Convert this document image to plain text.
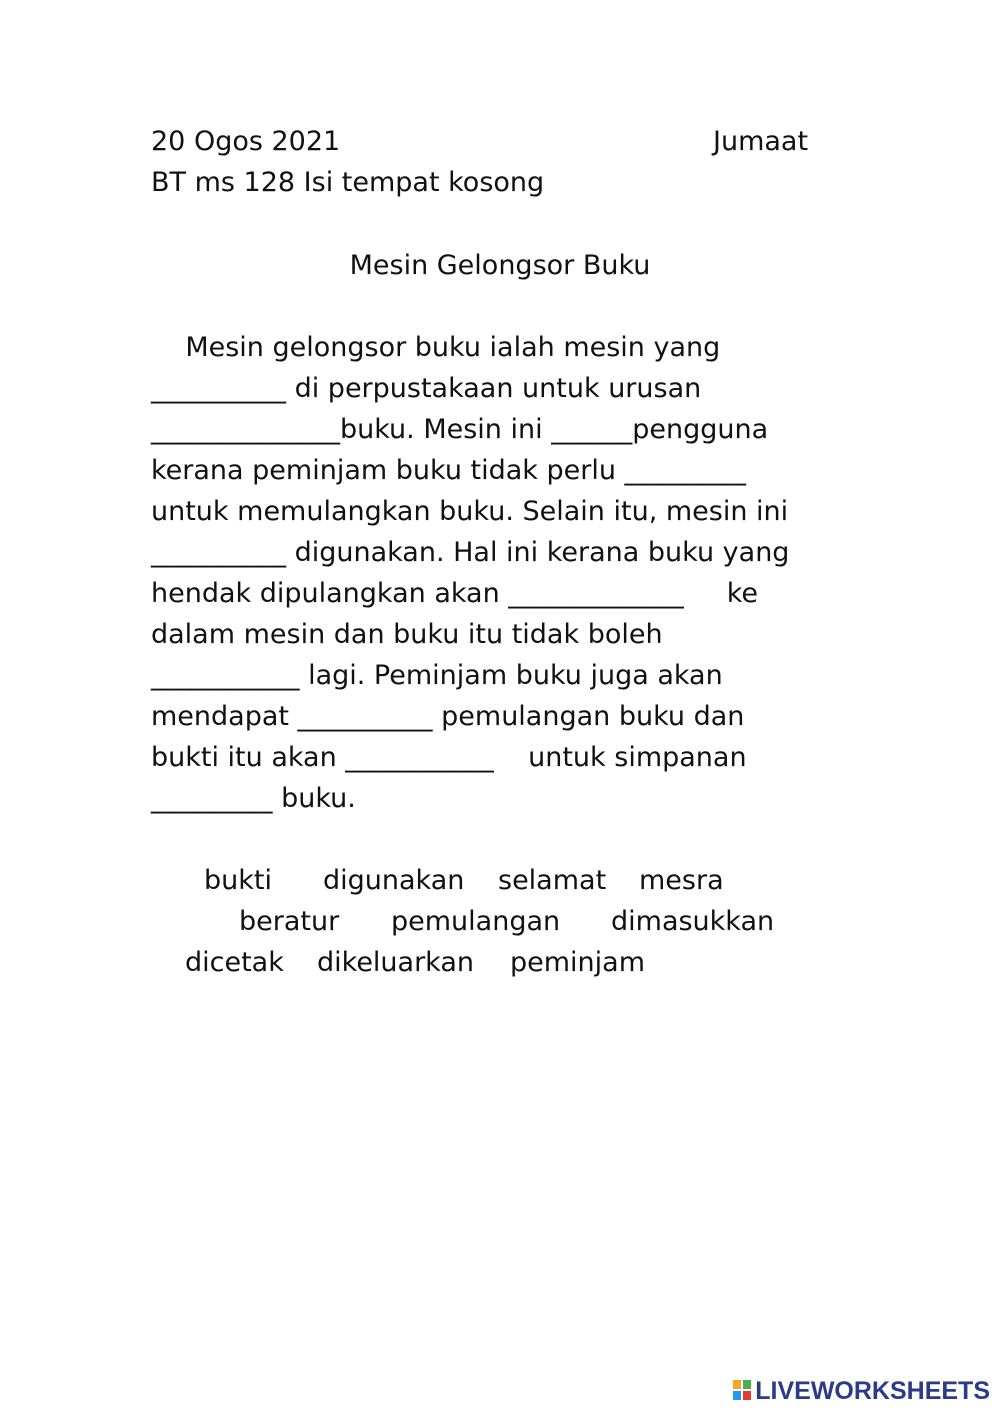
20 Ogos 2021	Jumaat
BT ms 128 Isi tempat kosong
Mesin Gelongsor Buku
Mesin gelongsor buku ialah mesin yang
__________ di perpustakaan untuk urusan
______________buku. Mesin ini ______pengguna
kerana peminjam buku tidak perlu _________
untuk memulangkan buku. Selain itu, mesin ini
__________ digunakan. Hal ini kerana buku yang
hendak dipulangkan akan _____________     ke
dalam mesin dan buku itu tidak boleh
___________ lagi. Peminjam buku juga akan
mendapat __________ pemulangan buku dan
bukti itu akan ___________    untuk simpanan
_________ buku.
bukti digunakan selamat mesra
beratur pemulangan dimasukkan
dicetak dikeluarkan peminjam
LIVEWORKSHEETS
